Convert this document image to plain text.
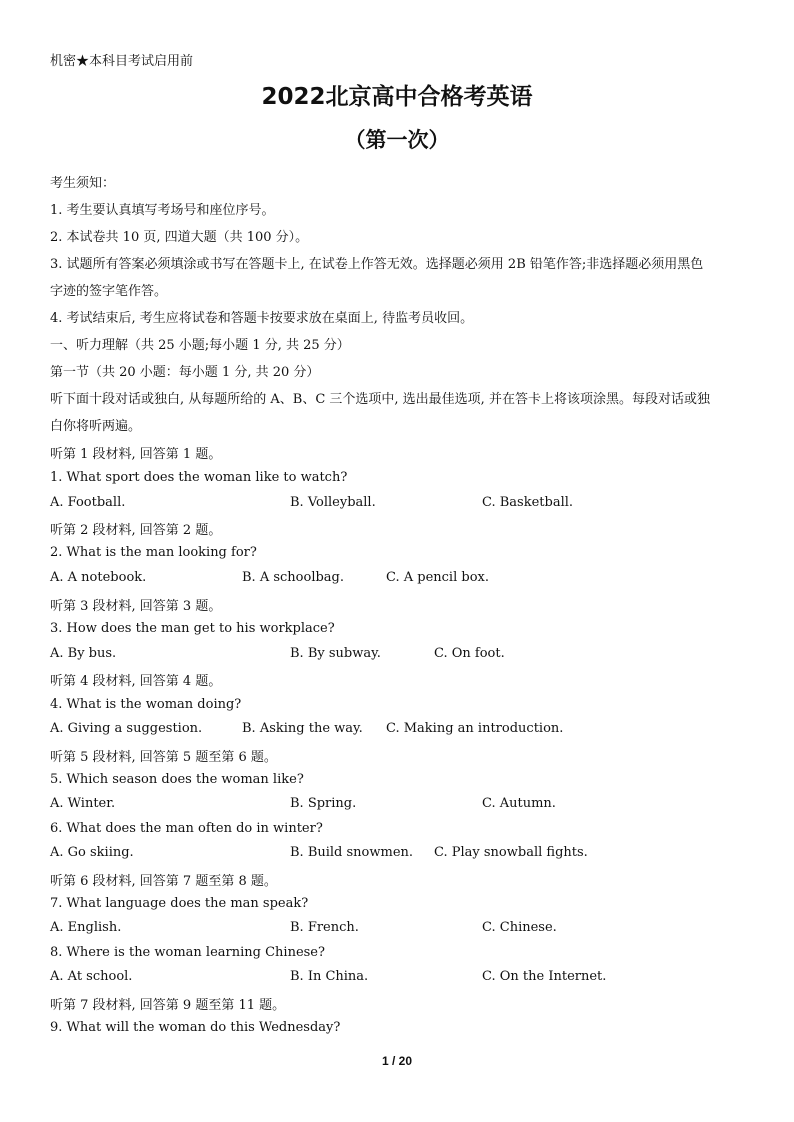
机密★本科目考试启用前
2022北京高中合格考英语
（第一次）
考生须知：
1. 考生要认真填写考场号和座位序号。
2. 本试卷共 10 页, 四道大题（共 100 分）。
3. 试题所有答案必须填涂或书写在答题卡上, 在试卷上作答无效。选择题必须用 2B 铅笔作答;非选择题必须用黑色
字迹的签字笔作答。
4. 考试结束后, 考生应将试卷和答题卡按要求放在桌面上, 待监考员收回。
一、听力理解（共 25 小题;每小题 1 分, 共 25 分）
第一节（共 20 小题：每小题 1 分, 共 20 分）
听下面十段对话或独白, 从每题所给的 A、B、C 三个选项中, 选出最佳选项, 并在答卡上将该项涂黑。每段对话或独
白你将听两遍。
听第 1 段材料, 回答第 1 题。
1. What sport does the woman like to watch?
A. Football.	B. Volleyball.	C. Basketball.
听第 2 段材料, 回答第 2 题。
2. What is the man looking for?
A. A notebook.	B. A schoolbag.	C. A pencil box.
听第 3 段材料, 回答第 3 题。
3. How does the man get to his workplace?
A. By bus.	B. By subway.	C. On foot.
听第 4 段材料, 回答第 4 题。
4. What is the woman doing?
A. Giving a suggestion.	B. Asking the way. C. Making an introduction.
听第 5 段材料, 回答第 5 题至第 6 题。
5. Which season does the woman like?
A. Winter.	B. Spring.	C. Autumn.
6. What does the man often do in winter?
A. Go skiing.	B. Build snowmen. C. Play snowball fights.
听第 6 段材料, 回答第 7 题至第 8 题。
7. What language does the man speak?
A. English.	B. French.	C. Chinese.
8. Where is the woman learning Chinese?
A. At school.	B. In China.	C. On the Internet.
听第 7 段材料, 回答第 9 题至第 11 题。
9. What will the woman do this Wednesday?
1 / 20
